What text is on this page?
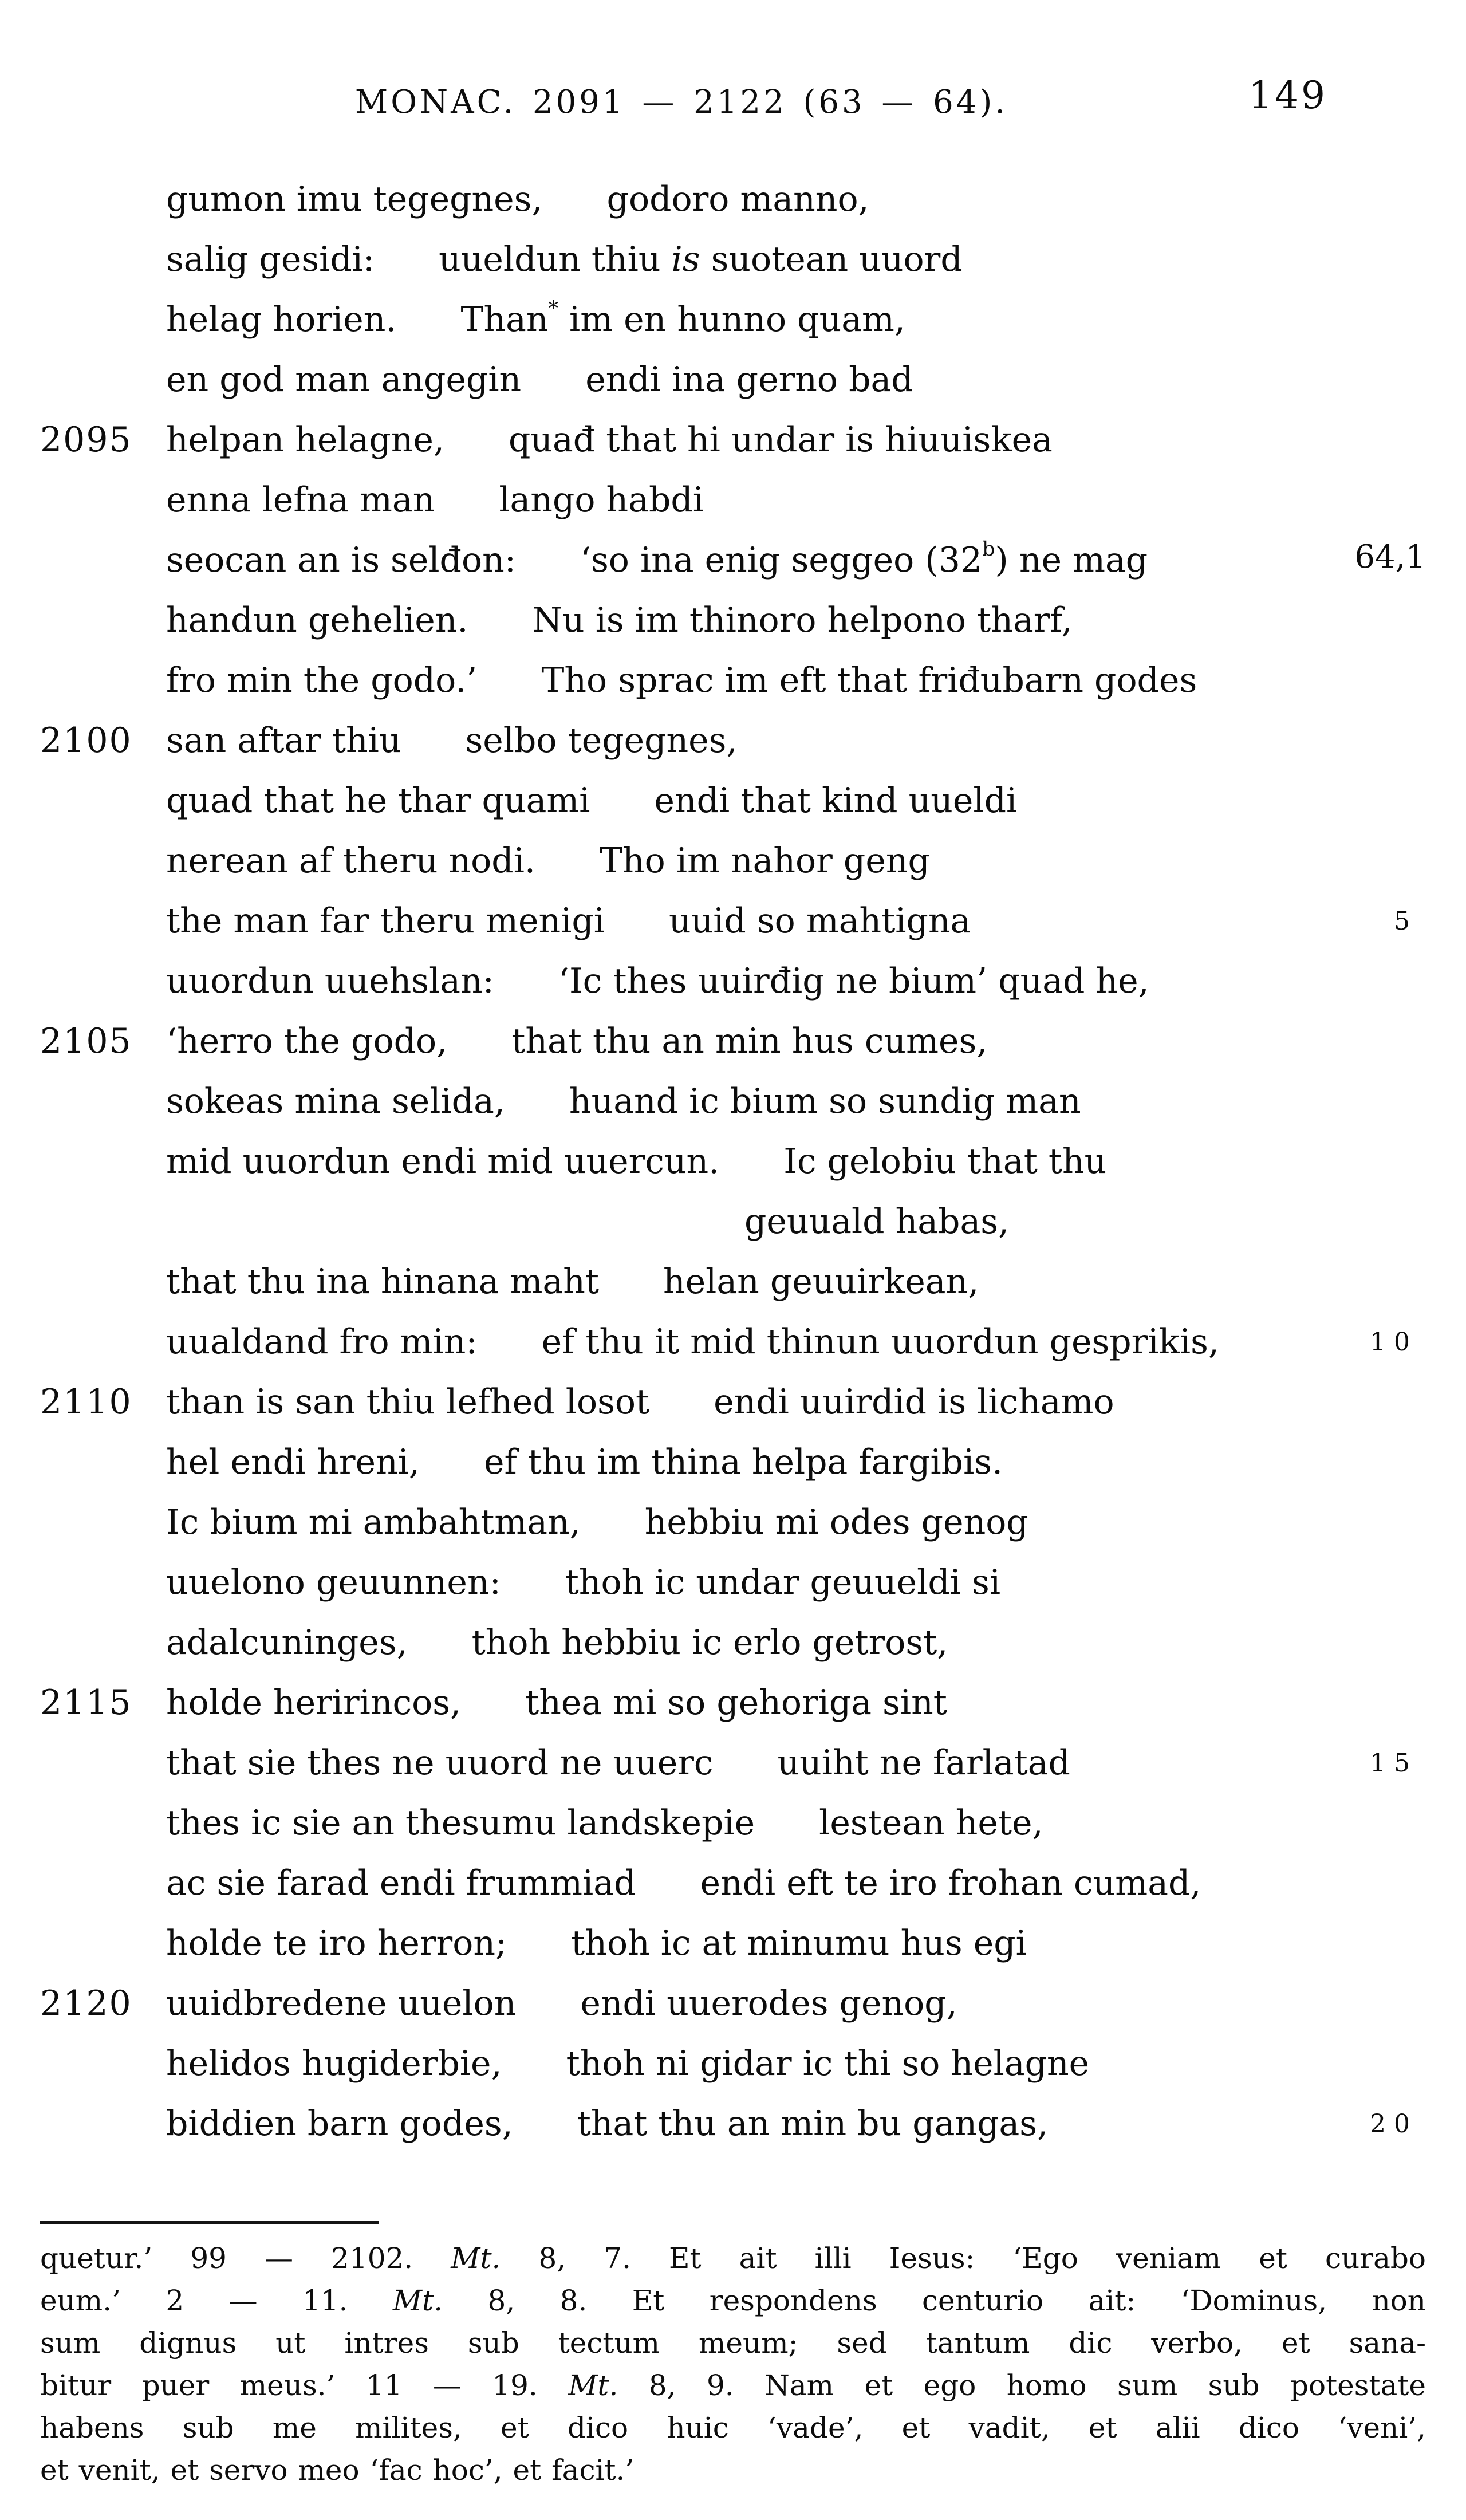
MONAC. 2091 — 2122 (63 — 64).	149
gumon imu tegegnes, godoro manno,
salig gesidi: uueldun thiu is suotean uuord
helag horien. Than* im en hunno quam,
en god man angegin endi ina gerno bad
2095 helpan helagne, quađ that hi undar is hiuuiskea
enna lefna man lango habdi
seocan an is selđon: ‘so ina enig seggeo (32$^b$) ne mag	64,1
handun gehelien. Nu is im thinoro helpono tharf,
fro min the godo.’ Tho sprac im eft that friđubarn godes
2100 san aftar thiu selbo tegegnes,
quad that he thar quami endi that kind uueldi
nerean af theru nodi. Tho im nahor geng
the man far theru menigi uuid so mahtigna	5
uuordun uuehslan: ‘Ic thes uuirđig ne bium’ quad he,
2105 ‘herro the godo, that thu an min hus cumes,
sokeas mina selida, huand ic bium so sundig man
mid uuordun endi mid uuercun. Ic gelobiu that thu
geuuald habas,
that thu ina hinana maht helan geuuirkean,
uualdand fro min: ef thu it mid thinun uuordun gesprikis,	10
2110 than is san thiu lefhed losot endi uuirdid is lichamo
hel endi hreni, ef thu im thina helpa fargibis.
Ic bium mi ambahtman, hebbiu mi odes genog
uuelono geuunnen: thoh ic undar geuueldi si
adalcuninges, thoh hebbiu ic erlo getrost,
2115 holde heririncos, thea mi so gehoriga sint
that sie thes ne uuord ne uuerc uuiht ne farlatad	15
thes ic sie an thesumu landskepie lestean hete,
ac sie farad endi frummiad endi eft te iro frohan cumad,
holde te iro herron; thoh ic at minumu hus egi
2120 uuidbredene uuelon endi uuerodes genog,
helidos hugiderbie, thoh ni gidar ic thi so helagne
biddien barn godes, that thu an min bu gangas,	20
quetur.’ 99 — 2102. Mt. 8, 7. Et ait illi Iesus: ‘Ego veniam et curabo
eum.’ 2 — 11. Mt. 8, 8. Et respondens centurio ait: ‘Dominus, non
sum dignus ut intres sub tectum meum; sed tantum dic verbo, et sana-
bitur puer meus.’ 11 — 19. Mt. 8, 9. Nam et ego homo sum sub potestate
habens sub me milites, et dico huic ‘vade’, et vadit, et alii dico ‘veni’,
et venit, et servo meo ‘fac hoc’, et facit.’
